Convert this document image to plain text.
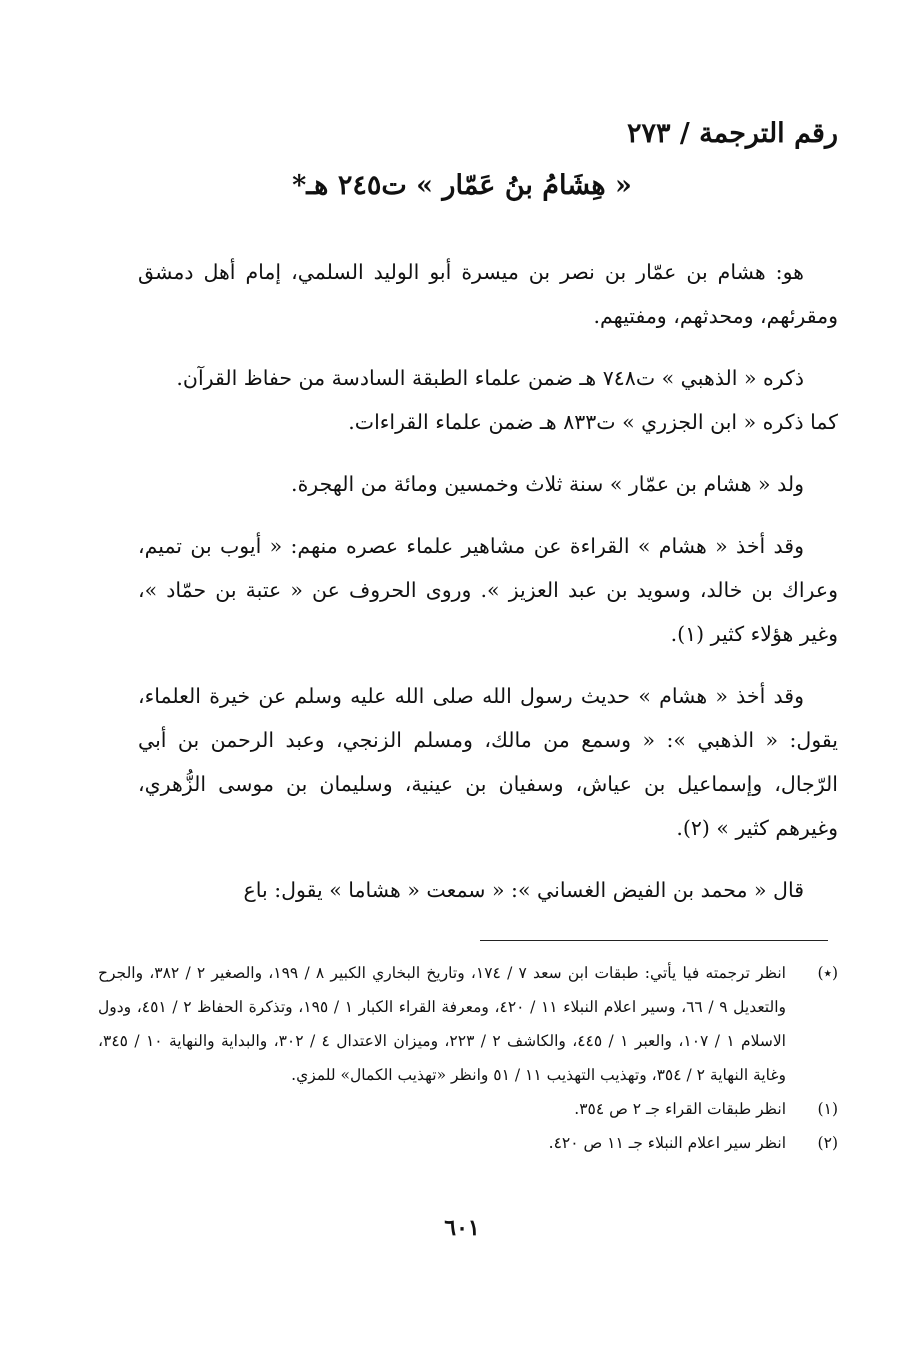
رقم الترجمة / ٢٧٣
« هِشَامُ بنُ عَمّار » ت٢٤٥ هـ*

هو: هشام بن عمّار بن نصر بن ميسرة أبو الوليد السلمي، إمام أهل دمشق ومقرئهم، ومحدثهم، ومفتيهم.

ذكره « الذهبي » ت٧٤٨ هـ ضمن علماء الطبقة السادسة من حفاظ القرآن.

كما ذكره « ابن الجزري » ت٨٣٣ هـ ضمن علماء القراءات.

ولد « هشام بن عمّار » سنة ثلاث وخمسين ومائة من الهجرة.

وقد أخذ « هشام » القراءة عن مشاهير علماء عصره منهم: « أيوب بن تميم، وعراك بن خالد، وسويد بن عبد العزيز ». وروى الحروف عن « عتبة بن حمّاد »، وغير هؤلاء كثير (١).

وقد أخذ « هشام » حديث رسول الله صلى الله عليه وسلم عن خيرة العلماء، يقول: « الذهبي »: « وسمع من مالك، ومسلم الزنجي، وعبد الرحمن بن أبي الرّجال، وإسماعيل بن عياش، وسفيان بن عينية، وسليمان بن موسى الزُّهري، وغيرهم كثير » (٢).

قال « محمد بن الفيض الغساني »: « سمعت « هشاما » يقول: باع

(٭)
انظر ترجمته فيا يأتي: طبقات ابن سعد ٧ / ١٧٤، وتاريخ البخاري الكبير ٨ / ١٩٩، والصغير ٢ / ٣٨٢، والجرح والتعديل ٩ / ٦٦، وسير اعلام النبلاء ١١ / ٤٢٠، ومعرفة القراء الكبار ١ / ١٩٥، وتذكرة الحفاظ ٢ / ٤٥١، ودول الاسلام ١ / ١٠٧، والعبر ١ / ٤٤٥، والكاشف ٢ / ٢٢٣، وميزان الاعتدال ٤ / ٣٠٢، والبداية والنهاية ١٠ / ٣٤٥، وغاية النهاية ٢ / ٣٥٤، وتهذيب التهذيب ١١ / ٥١ وانظر «تهذيب الكمال» للمزي.
(١)
انظر طبقات القراء جـ ٢ ص ٣٥٤.
(٢)
انظر سير اعلام النبلاء جـ ١١ ص ٤٢٠.
٦٠١
